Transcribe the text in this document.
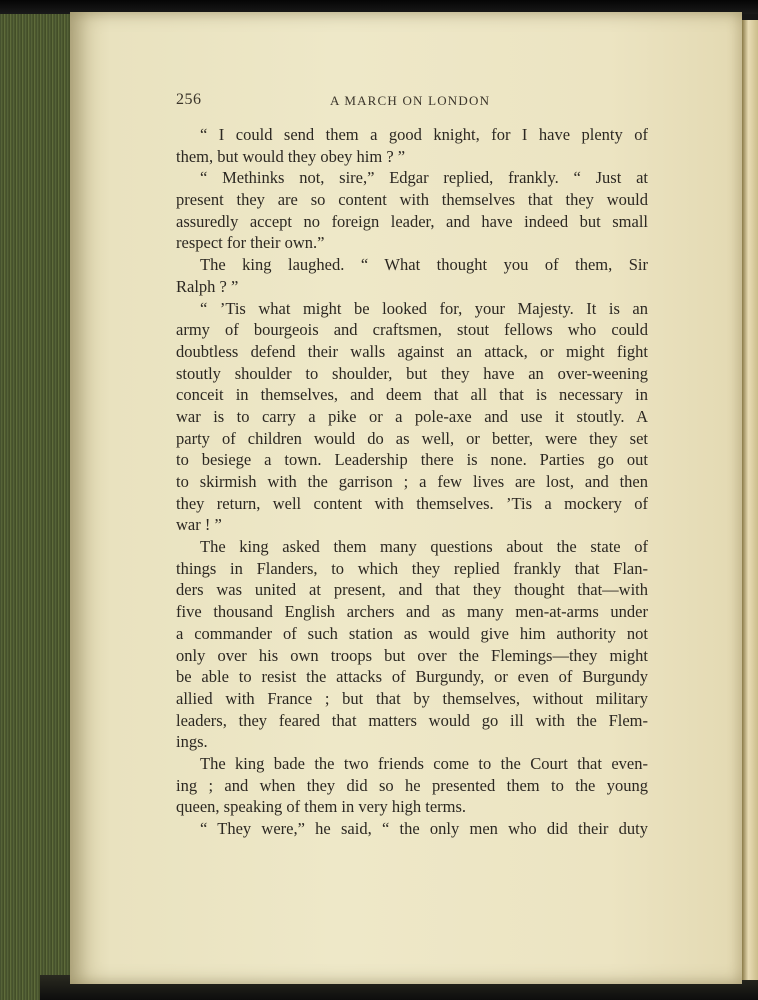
256	A MARCH ON LONDON
“ I could send them a good knight, for I have plenty of
them, but would they obey him ? ”
“ Methinks not, sire,” Edgar replied, frankly. “ Just at
present they are so content with themselves that they would
assuredly accept no foreign leader, and have indeed but small
respect for their own.”
The king laughed. “ What thought you of them, Sir
Ralph ? ”
“ ’Tis what might be looked for, your Majesty. It is an
army of bourgeois and craftsmen, stout fellows who could
doubtless defend their walls against an attack, or might fight
stoutly shoulder to shoulder, but they have an over-weening
conceit in themselves, and deem that all that is necessary in
war is to carry a pike or a pole-axe and use it stoutly. A
party of children would do as well, or better, were they set
to besiege a town. Leadership there is none. Parties go out
to skirmish with the garrison ; a few lives are lost, and then
they return, well content with themselves. ’Tis a mockery of
war ! ”
The king asked them many questions about the state of
things in Flanders, to which they replied frankly that Flan-
ders was united at present, and that they thought that—with
five thousand English archers and as many men-at-arms under
a commander of such station as would give him authority not
only over his own troops but over the Flemings—they might
be able to resist the attacks of Burgundy, or even of Burgundy
allied with France ; but that by themselves, without military
leaders, they feared that matters would go ill with the Flem-
ings.
The king bade the two friends come to the Court that even-
ing ; and when they did so he presented them to the young
queen, speaking of them in very high terms.
“ They were,” he said, “ the only men who did their duty
